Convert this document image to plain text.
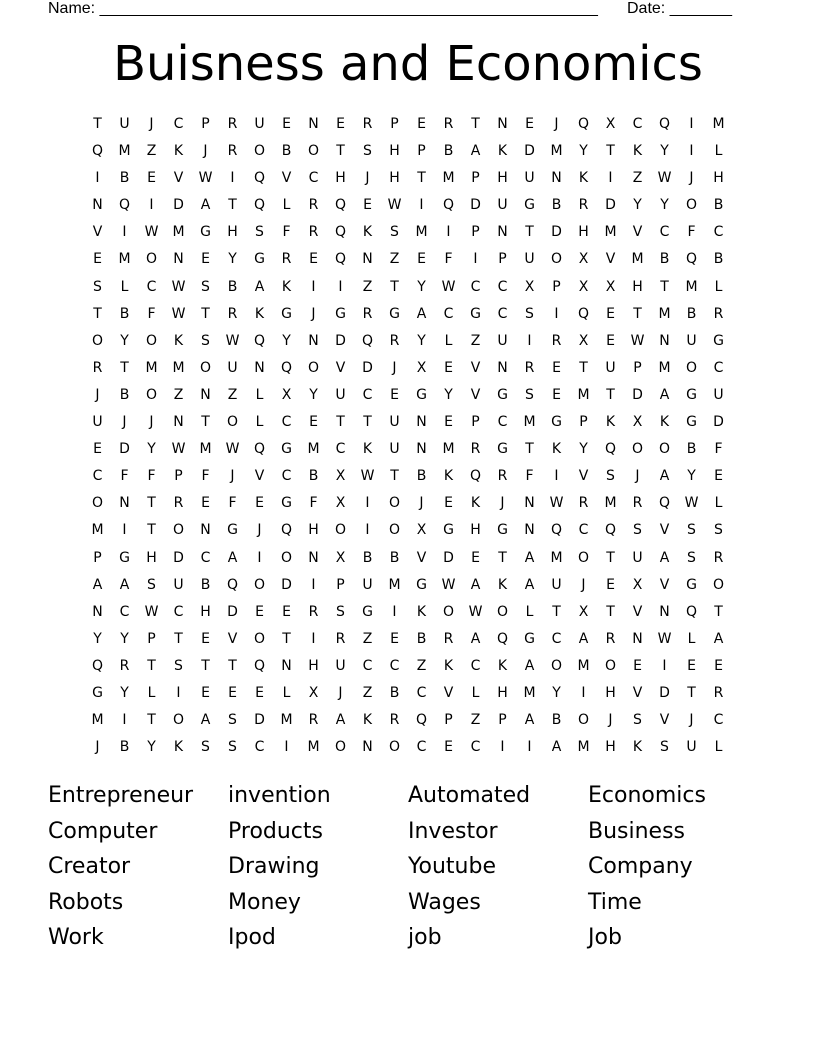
Name: ________________________________________________________ Date: _______
Buisness and Economics
T	U	J	C	P	R	U	E	N	E	R	P	E	R	T	N	E	J	Q	X	C	Q	I	M
Q	M	Z	K	J	R	O	B	O	T	S	H	P	B	A	K	D	M	Y	T	K	Y	I	L
I	B	E	V	W	I	Q	V	C	H	J	H	T	M	P	H	U	N	K	I	Z	W	J	H
N	Q	I	D	A	T	Q	L	R	Q	E	W	I	Q	D	U	G	B	R	D	Y	Y	O	B
V	I	W	M	G	H	S	F	R	Q	K	S	M	I	P	N	T	D	H	M	V	C	F	C
E	M	O	N	E	Y	G	R	E	Q	N	Z	E	F	I	P	U	O	X	V	M	B	Q	B
S	L	C	W	S	B	A	K	I	I	Z	T	Y	W	C	C	X	P	X	X	H	T	M	L
T	B	F	W	T	R	K	G	J	G	R	G	A	C	G	C	S	I	Q	E	T	M	B	R
O	Y	O	K	S	W	Q	Y	N	D	Q	R	Y	L	Z	U	I	R	X	E	W	N	U	G
R	T	M	M	O	U	N	Q	O	V	D	J	X	E	V	N	R	E	T	U	P	M	O	C
J	B	O	Z	N	Z	L	X	Y	U	C	E	G	Y	V	G	S	E	M	T	D	A	G	U
U	J	J	N	T	O	L	C	E	T	T	U	N	E	P	C	M	G	P	K	X	K	G	D
E	D	Y	W	M	W	Q	G	M	C	K	U	N	M	R	G	T	K	Y	Q	O	O	B	F
C	F	F	P	F	J	V	C	B	X	W	T	B	K	Q	R	F	I	V	S	J	A	Y	E
O	N	T	R	E	F	E	G	F	X	I	O	J	E	K	J	N	W	R	M	R	Q	W	L
M	I	T	O	N	G	J	Q	H	O	I	O	X	G	H	G	N	Q	C	Q	S	V	S	S
P	G	H	D	C	A	I	O	N	X	B	B	V	D	E	T	A	M	O	T	U	A	S	R
A	A	S	U	B	Q	O	D	I	P	U	M	G	W	A	K	A	U	J	E	X	V	G	O
N	C	W	C	H	D	E	E	R	S	G	I	K	O	W	O	L	T	X	T	V	N	Q	T
Y	Y	P	T	E	V	O	T	I	R	Z	E	B	R	A	Q	G	C	A	R	N	W	L	A
Q	R	T	S	T	T	Q	N	H	U	C	C	Z	K	C	K	A	O	M	O	E	I	E	E
G	Y	L	I	E	E	E	L	X	J	Z	B	C	V	L	H	M	Y	I	H	V	D	T	R
M	I	T	O	A	S	D	M	R	A	K	R	Q	P	Z	P	A	B	O	J	S	V	J	C
J	B	Y	K	S	S	C	I	M	O	N	O	C	E	C	I	I	A	M	H	K	S	U	L
Entrepreneur	invention	Automated	Economics
Computer	Products	Investor	Business
Creator	Drawing	Youtube	Company
Robots	Money	Wages	Time
Work	Ipod	job	Job
